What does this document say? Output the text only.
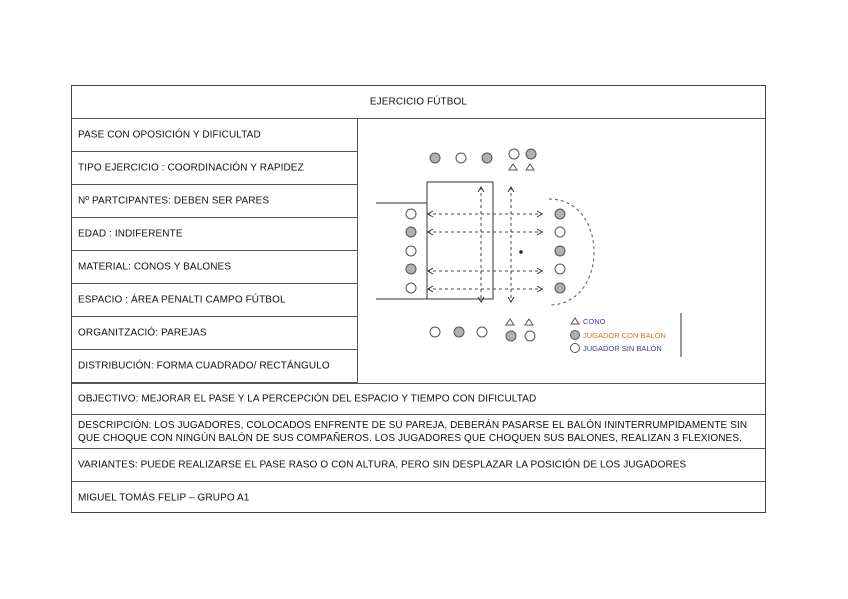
EJERCICIO FÚTBOL
PASE CON OPOSICIÓN Y DIFICULTAD
TIPO EJERCICIO : COORDINACIÓN Y RAPIDEZ
Nº PARTCIPANTES: DEBEN SER PARES
EDAD : INDIFERENTE
MATERIAL: CONOS Y BALONES
ESPACIO : ÁREA PENALTI CAMPO FÚTBOL
ORGANITZACIÓ: PAREJAS
DISTRIBUCIÓN: FORMA CUADRADO/ RECTÁNGULO
CONO
JUGADOR CON BALÓN
JUGADOR SIN BALÓN
OBJECTIVO: MEJORAR EL PASE Y LA PERCEPCIÓN DEL ESPACIO Y TIEMPO CON DIFICULTAD
DESCRIPCIÓN: LOS JUGADORES, COLOCADOS ENFRENTE DE SU PAREJA, DEBERÁN PASARSE EL BALÓN ININTERRUMPIDAMENTE SIN QUE CHOQUE CON NINGÚN BALÓN DE SUS COMPAÑEROS. LOS JUGADORES QUE CHOQUEN SUS BALONES, REALIZAN 3 FLEXIONES.
VARIANTES: PUEDE REALIZARSE EL PASE RASO O CON ALTURA, PERO SIN DESPLAZAR LA POSICIÓN DE LOS JUGADORES
MIGUEL TOMÁS FELIP – GRUPO A1
